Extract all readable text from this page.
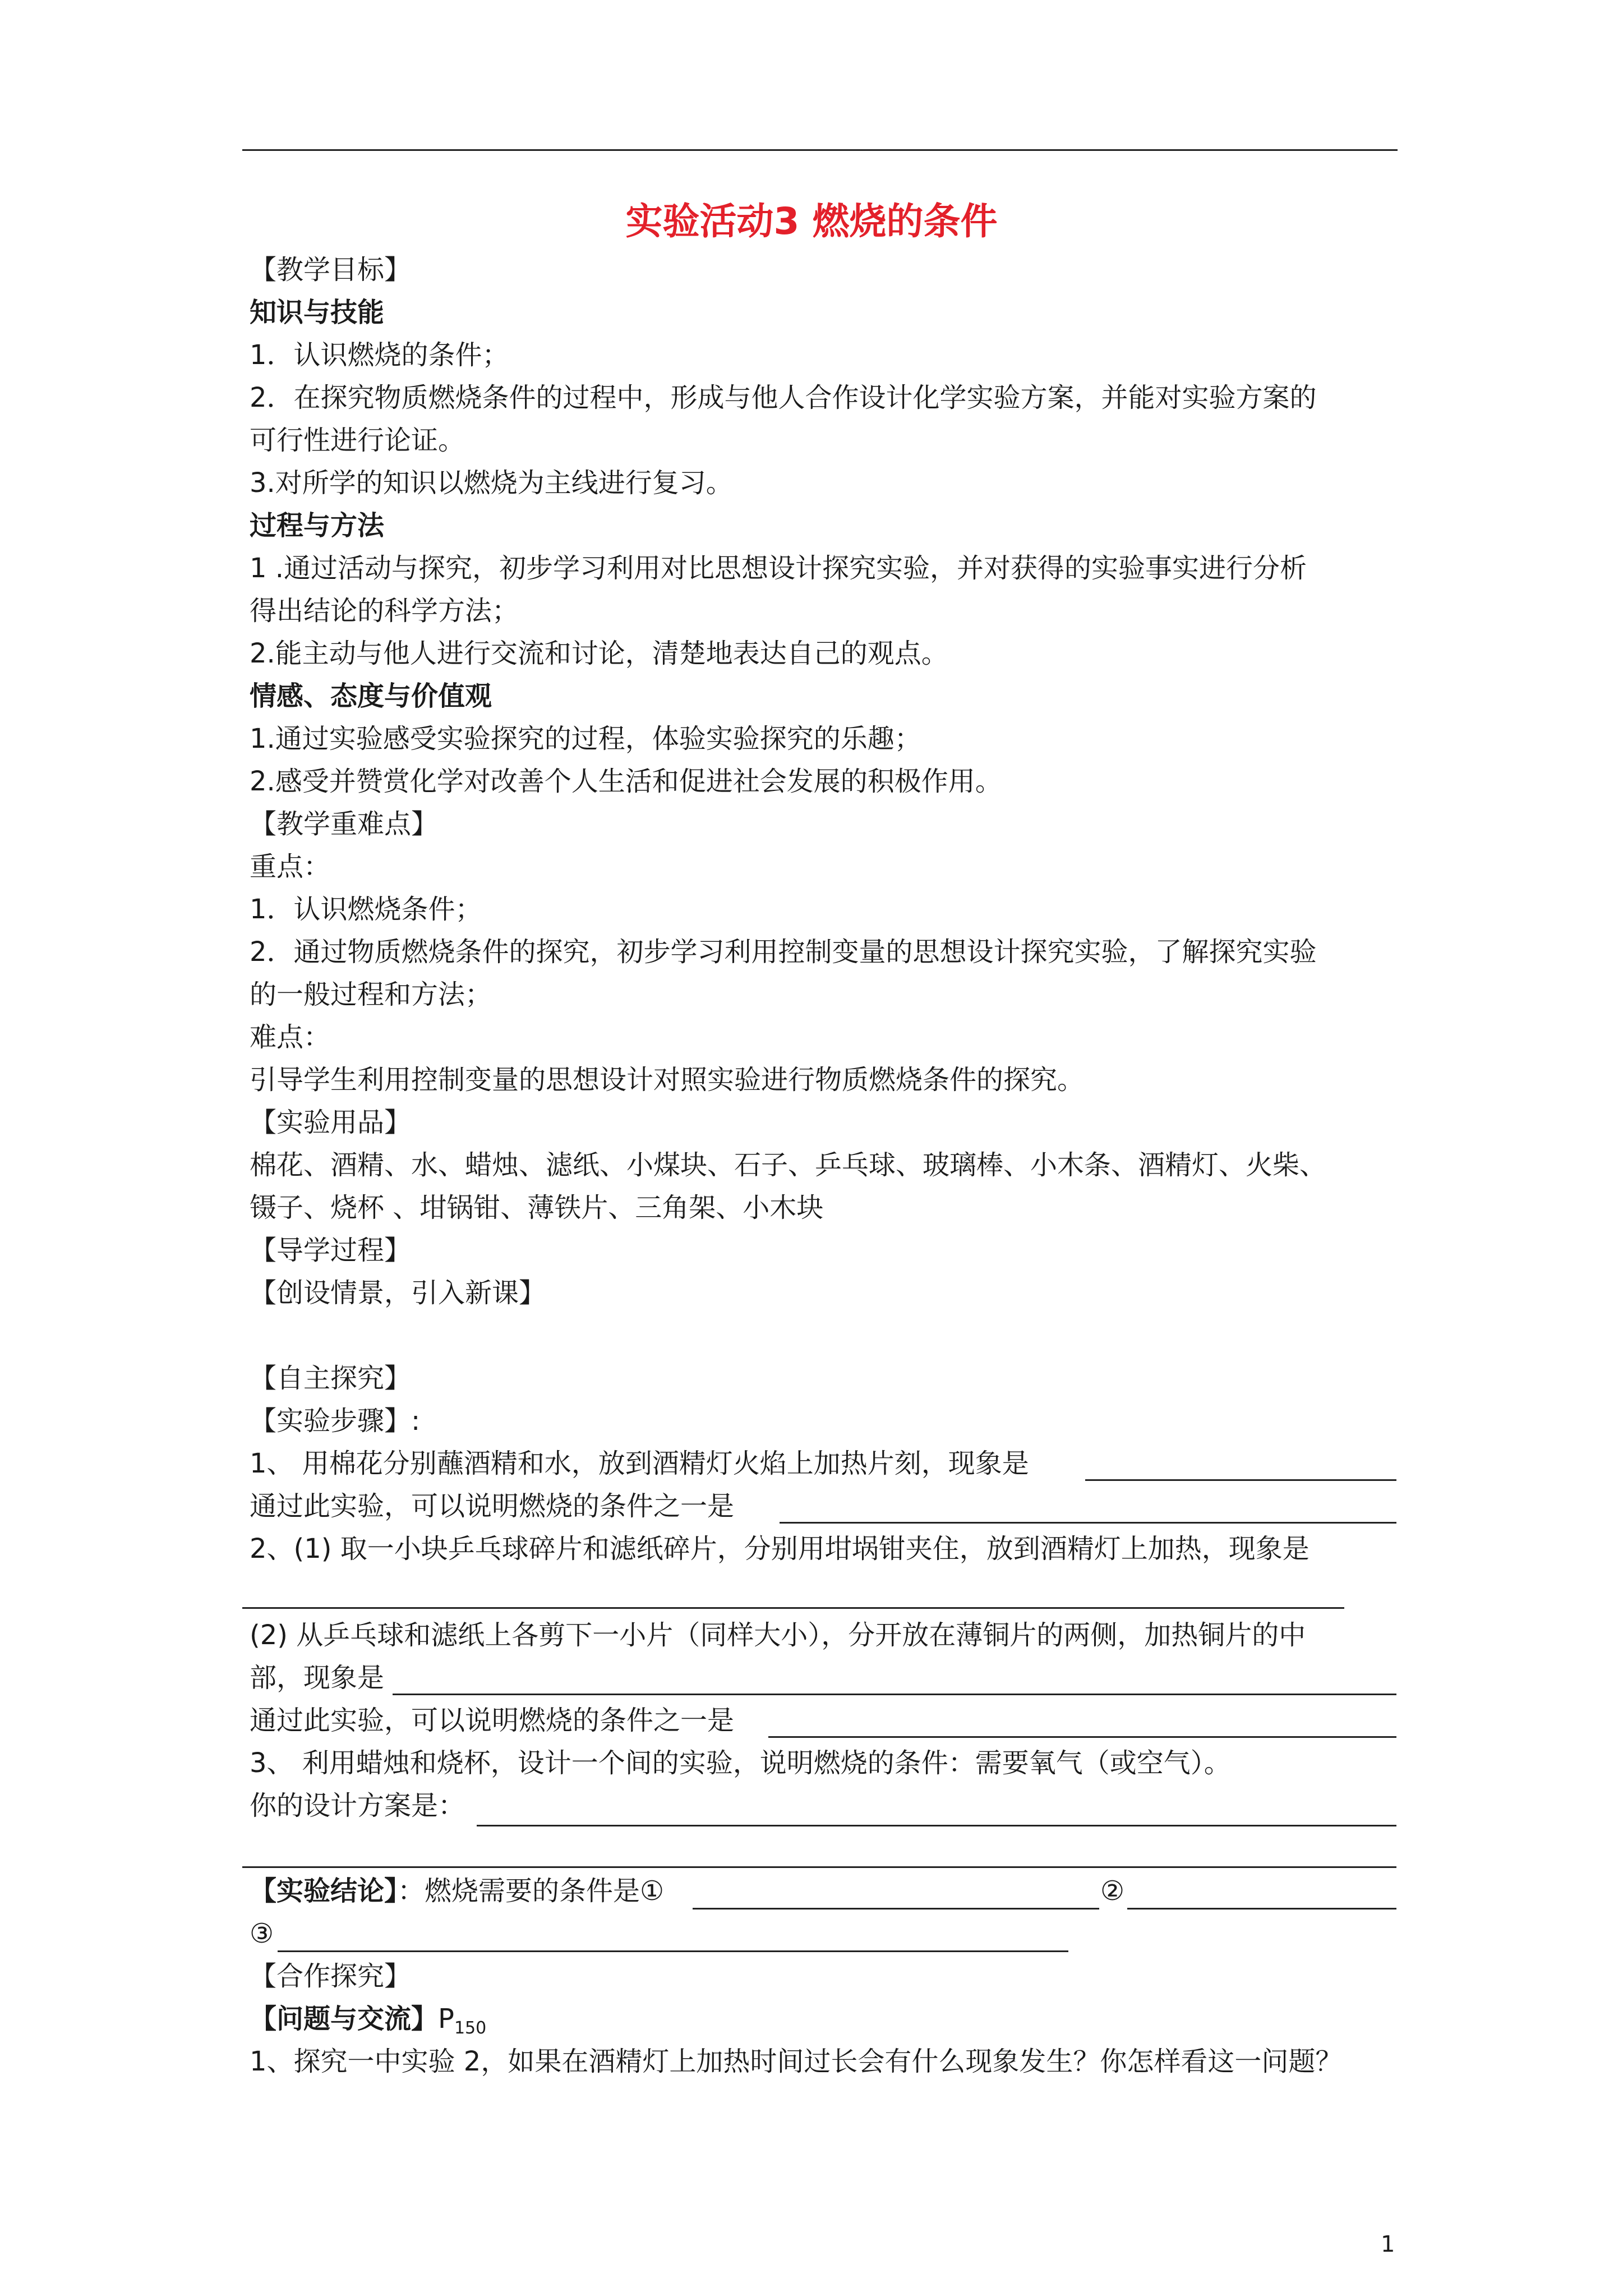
实验活动3 燃烧的条件
【教学目标】
知识与技能
1．认识燃烧的条件；
2．在探究物质燃烧条件的过程中，形成与他人合作设计化学实验方案，并能对实验方案的
可行性进行论证。
3.对所学的知识以燃烧为主线进行复习。
过程与方法
1 .通过活动与探究，初步学习利用对比思想设计探究实验，并对获得的实验事实进行分析
得出结论的科学方法；
2.能主动与他人进行交流和讨论，清楚地表达自己的观点。
情感、态度与价值观
1.通过实验感受实验探究的过程，体验实验探究的乐趣；
2.感受并赞赏化学对改善个人生活和促进社会发展的积极作用。
【教学重难点】
重点：
1．认识燃烧条件；
2．通过物质燃烧条件的探究，初步学习利用控制变量的思想设计探究实验，了解探究实验
的一般过程和方法；
难点：
引导学生利用控制变量的思想设计对照实验进行物质燃烧条件的探究。
【实验用品】
棉花、酒精、水、蜡烛、滤纸、小煤块、石子、乒乓球、玻璃棒、小木条、酒精灯、火柴、
镊子、烧杯 、坩锅钳、薄铁片、三角架、小木块
【导学过程】
【创设情景，引入新课】
【自主探究】
【实验步骤】:
1、 用棉花分别蘸酒精和水，放到酒精灯火焰上加热片刻，现象是
通过此实验，可以说明燃烧的条件之一是
2、(1) 取一小块乒乓球碎片和滤纸碎片，分别用坩埚钳夹住，放到酒精灯上加热，现象是
(2) 从乒乓球和滤纸上各剪下一小片（同样大小），分开放在薄铜片的两侧，加热铜片的中
部，现象是
通过此实验，可以说明燃烧的条件之一是
3、 利用蜡烛和烧杯，设计一个间的实验，说明燃烧的条件：需要氧气（或空气）。
你的设计方案是：
【实验结论】：燃烧需要的条件是①	②
③
【合作探究】
【问题与交流】$P_{150}$
1、探究一中实验 2，如果在酒精灯上加热时间过长会有什么现象发生？你怎样看这一问题？
1
